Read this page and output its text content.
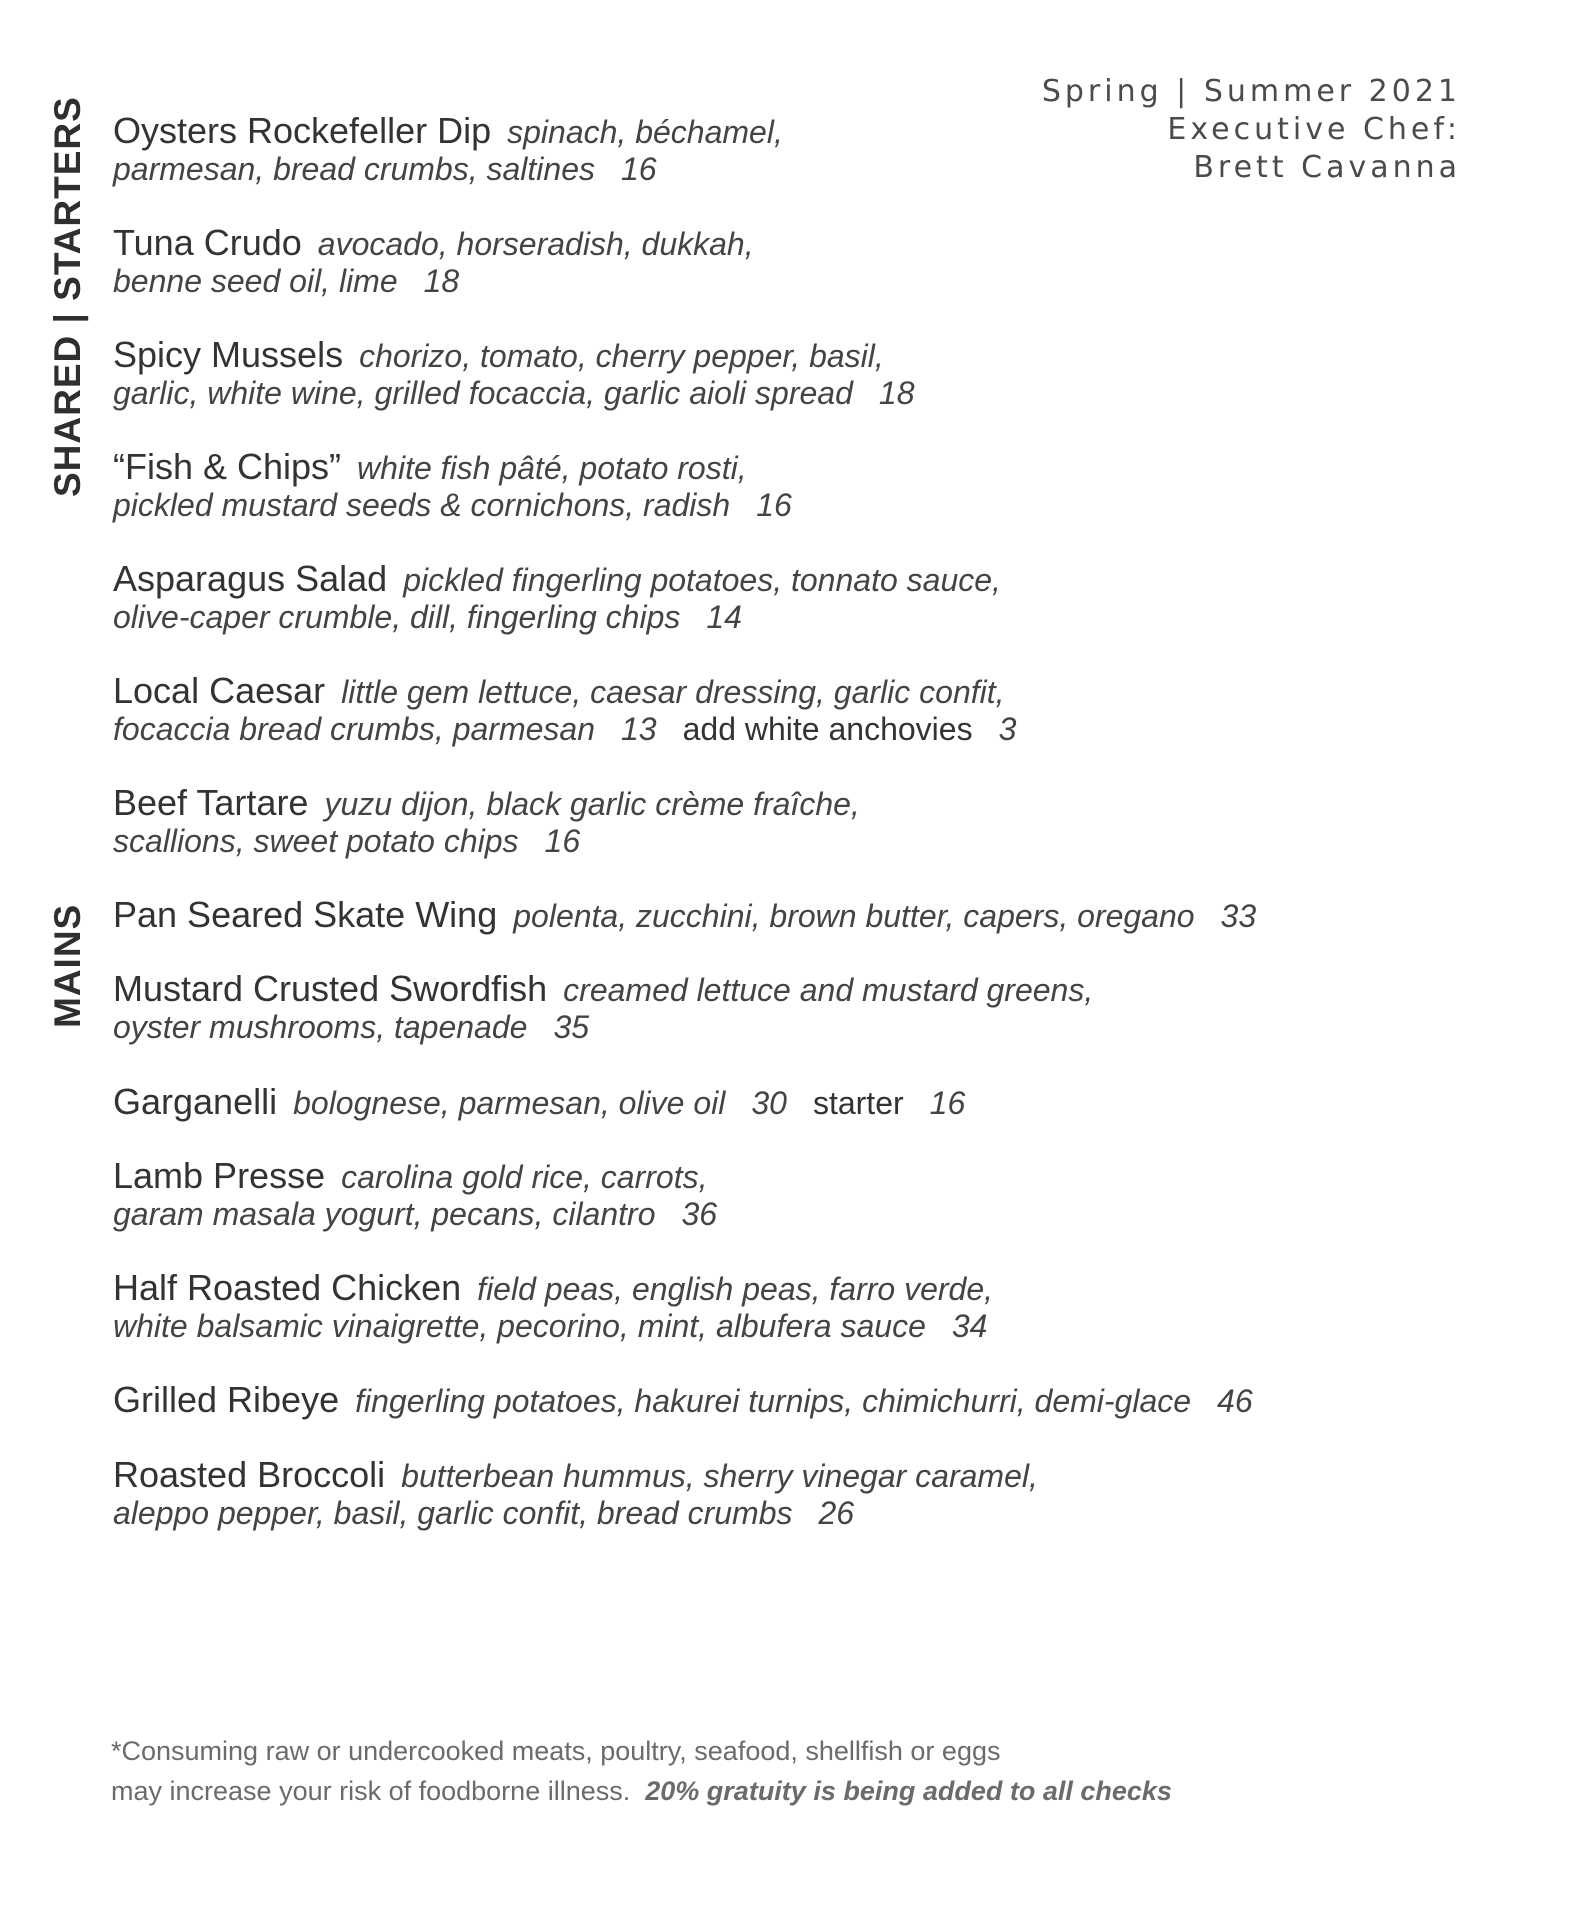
Spring | Summer 2021
Executive Chef:
Brett Cavanna
SHARED | STARTERS
MAINS
Oysters Rockefeller Dip spinach, béchamel,
parmesan, bread crumbs, saltines 16
Tuna Crudo avocado, horseradish, dukkah,
benne seed oil, lime 18
Spicy Mussels chorizo, tomato, cherry pepper, basil,
garlic, white wine, grilled focaccia, garlic aioli spread 18
“Fish & Chips” white fish pâté, potato rosti,
pickled mustard seeds & cornichons, radish 16
Asparagus Salad pickled fingerling potatoes, tonnato sauce,
olive-caper crumble, dill, fingerling chips 14
Local Caesar little gem lettuce, caesar dressing, garlic confit,
focaccia bread crumbs, parmesan 13 add white anchovies 3
Beef Tartare yuzu dijon, black garlic crème fraîche,
scallions, sweet potato chips 16
Pan Seared Skate Wing polenta, zucchini, brown butter, capers, oregano 33
Mustard Crusted Swordfish creamed lettuce and mustard greens,
oyster mushrooms, tapenade 35
Garganelli bolognese, parmesan, olive oil 30 starter 16
Lamb Presse carolina gold rice, carrots,
garam masala yogurt, pecans, cilantro 36
Half Roasted Chicken field peas, english peas, farro verde,
white balsamic vinaigrette, pecorino, mint, albufera sauce 34
Grilled Ribeye fingerling potatoes, hakurei turnips, chimichurri, demi-glace 46
Roasted Broccoli butterbean hummus, sherry vinegar caramel,
aleppo pepper, basil, garlic confit, bread crumbs 26
*Consuming raw or undercooked meats, poultry, seafood, shellfish or eggs
may increase your risk of foodborne illness. 20% gratuity is being added to all checks
